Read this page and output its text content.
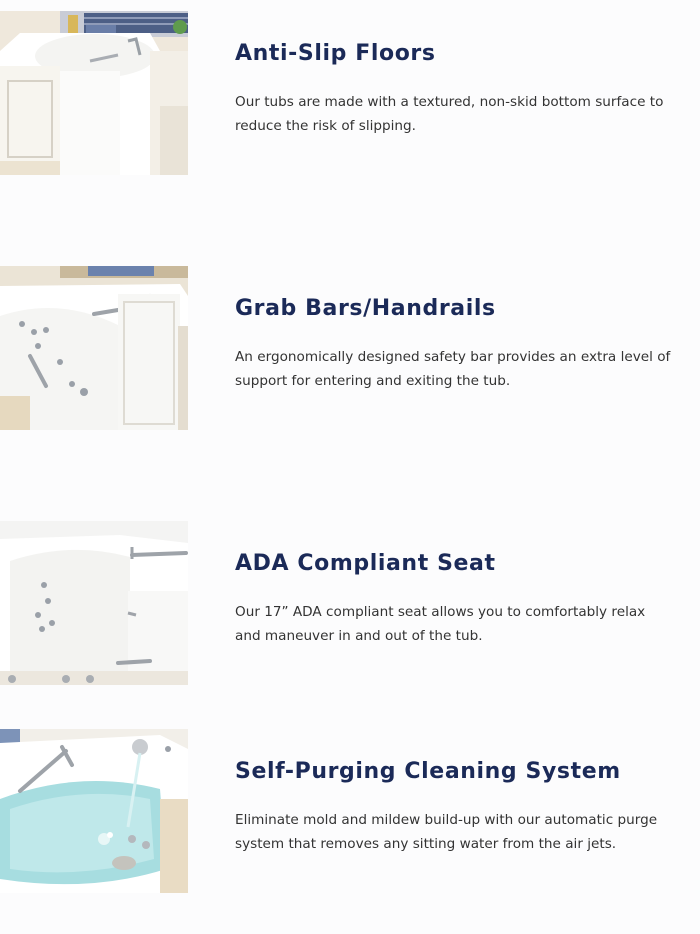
Anti-Slip Floors

Our tubs are made with a textured, non-skid bottom surface to reduce the risk of slipping.

Grab Bars/Handrails

An ergonomically designed safety bar provides an extra level of support for entering and exiting the tub.

ADA Compliant Seat

Our 17” ADA compliant seat allows you to comfortably relax and maneuver in and out of the tub.

Self-Purging Cleaning System

Eliminate mold and mildew build-up with our automatic purge system that removes any sitting water from the air jets.
